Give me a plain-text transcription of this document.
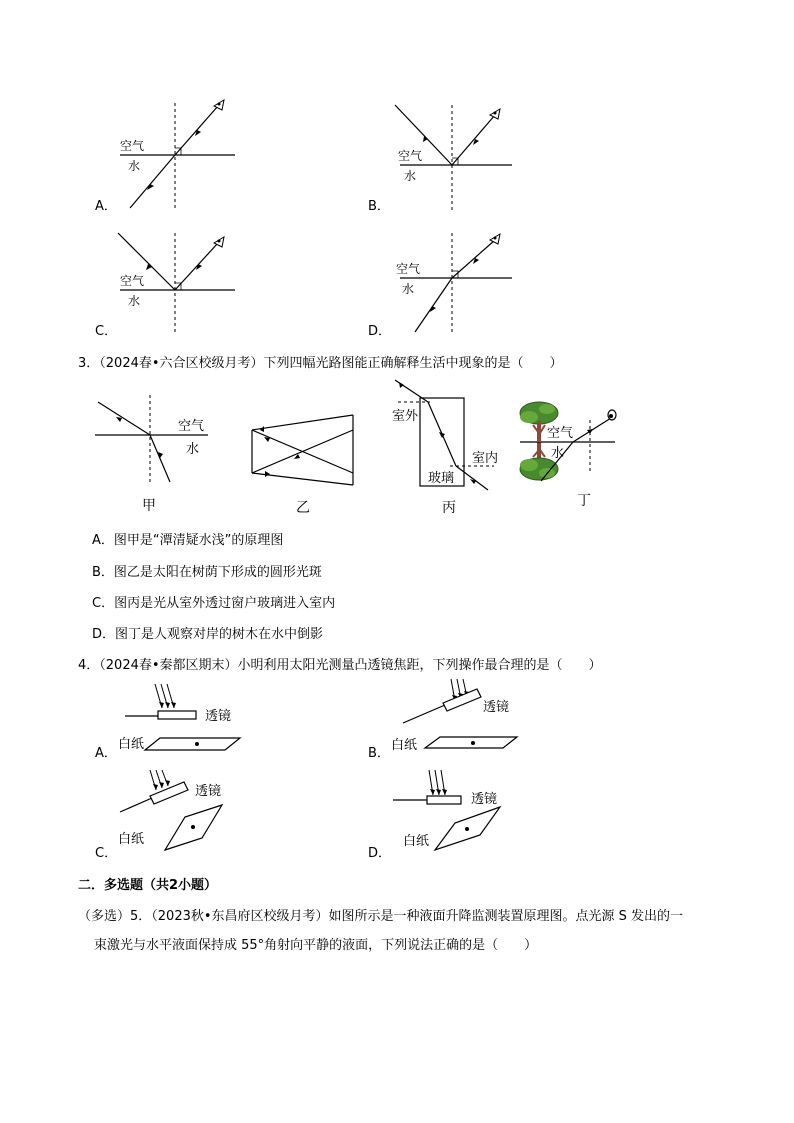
空气
水
A．
空气
水
B．
空气
水
C．
空气
水
D．
3．（2024春•六合区校级月考）下列四幅光路图能正确解释生活中现象的是（　　）
空气
水
甲	乙
室外
室内
玻璃
丙
空气
水
丁
A．图甲是“潭清疑水浅”的原理图
B．图乙是太阳在树荫下形成的圆形光斑
C．图丙是光从室外透过窗户玻璃进入室内
D．图丁是人观察对岸的树木在水中倒影
4．（2024春•秦都区期末）小明利用太阳光测量凸透镜焦距，下列操作最合理的是（　　）
透镜
白纸
A．
透镜
白纸
B．
透镜
白纸
C．
透镜
白纸
D．
二．多选题（共2小题）
（多选）5．（2023秋•东昌府区校级月考）如图所示是一种液面升降监测装置原理图。点光源 S 发出的一
束激光与水平液面保持成 55°角射向平静的液面，下列说法正确的是（　　）
